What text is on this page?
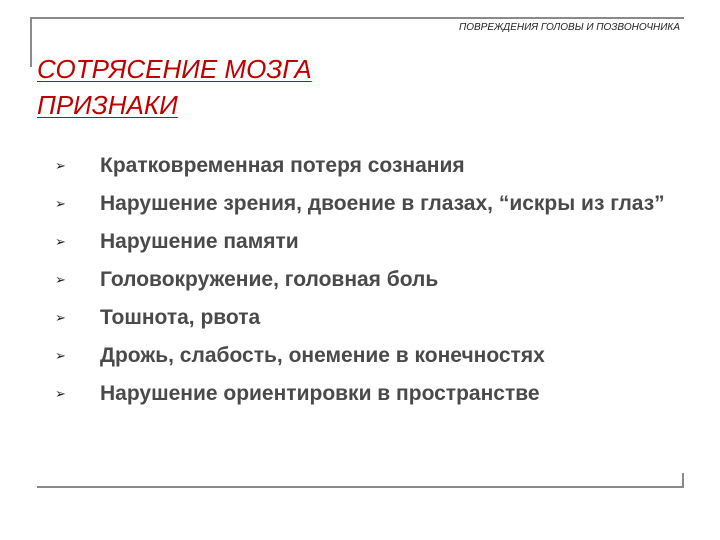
ПОВРЕЖДЕНИЯ ГОЛОВЫ И ПОЗВОНОЧНИКА
СОТРЯСЕНИЕ МОЗГА
ПРИЗНАКИ
➢	Кратковременная потеря сознания
➢	Нарушение зрения, двоение в глазах, “искры из глаз”
➢	Нарушение памяти
➢	Головокружение, головная боль
➢	Тошнота, рвота
➢	Дрожь, слабость, онемение в конечностях
➢	Нарушение ориентировки в пространстве
